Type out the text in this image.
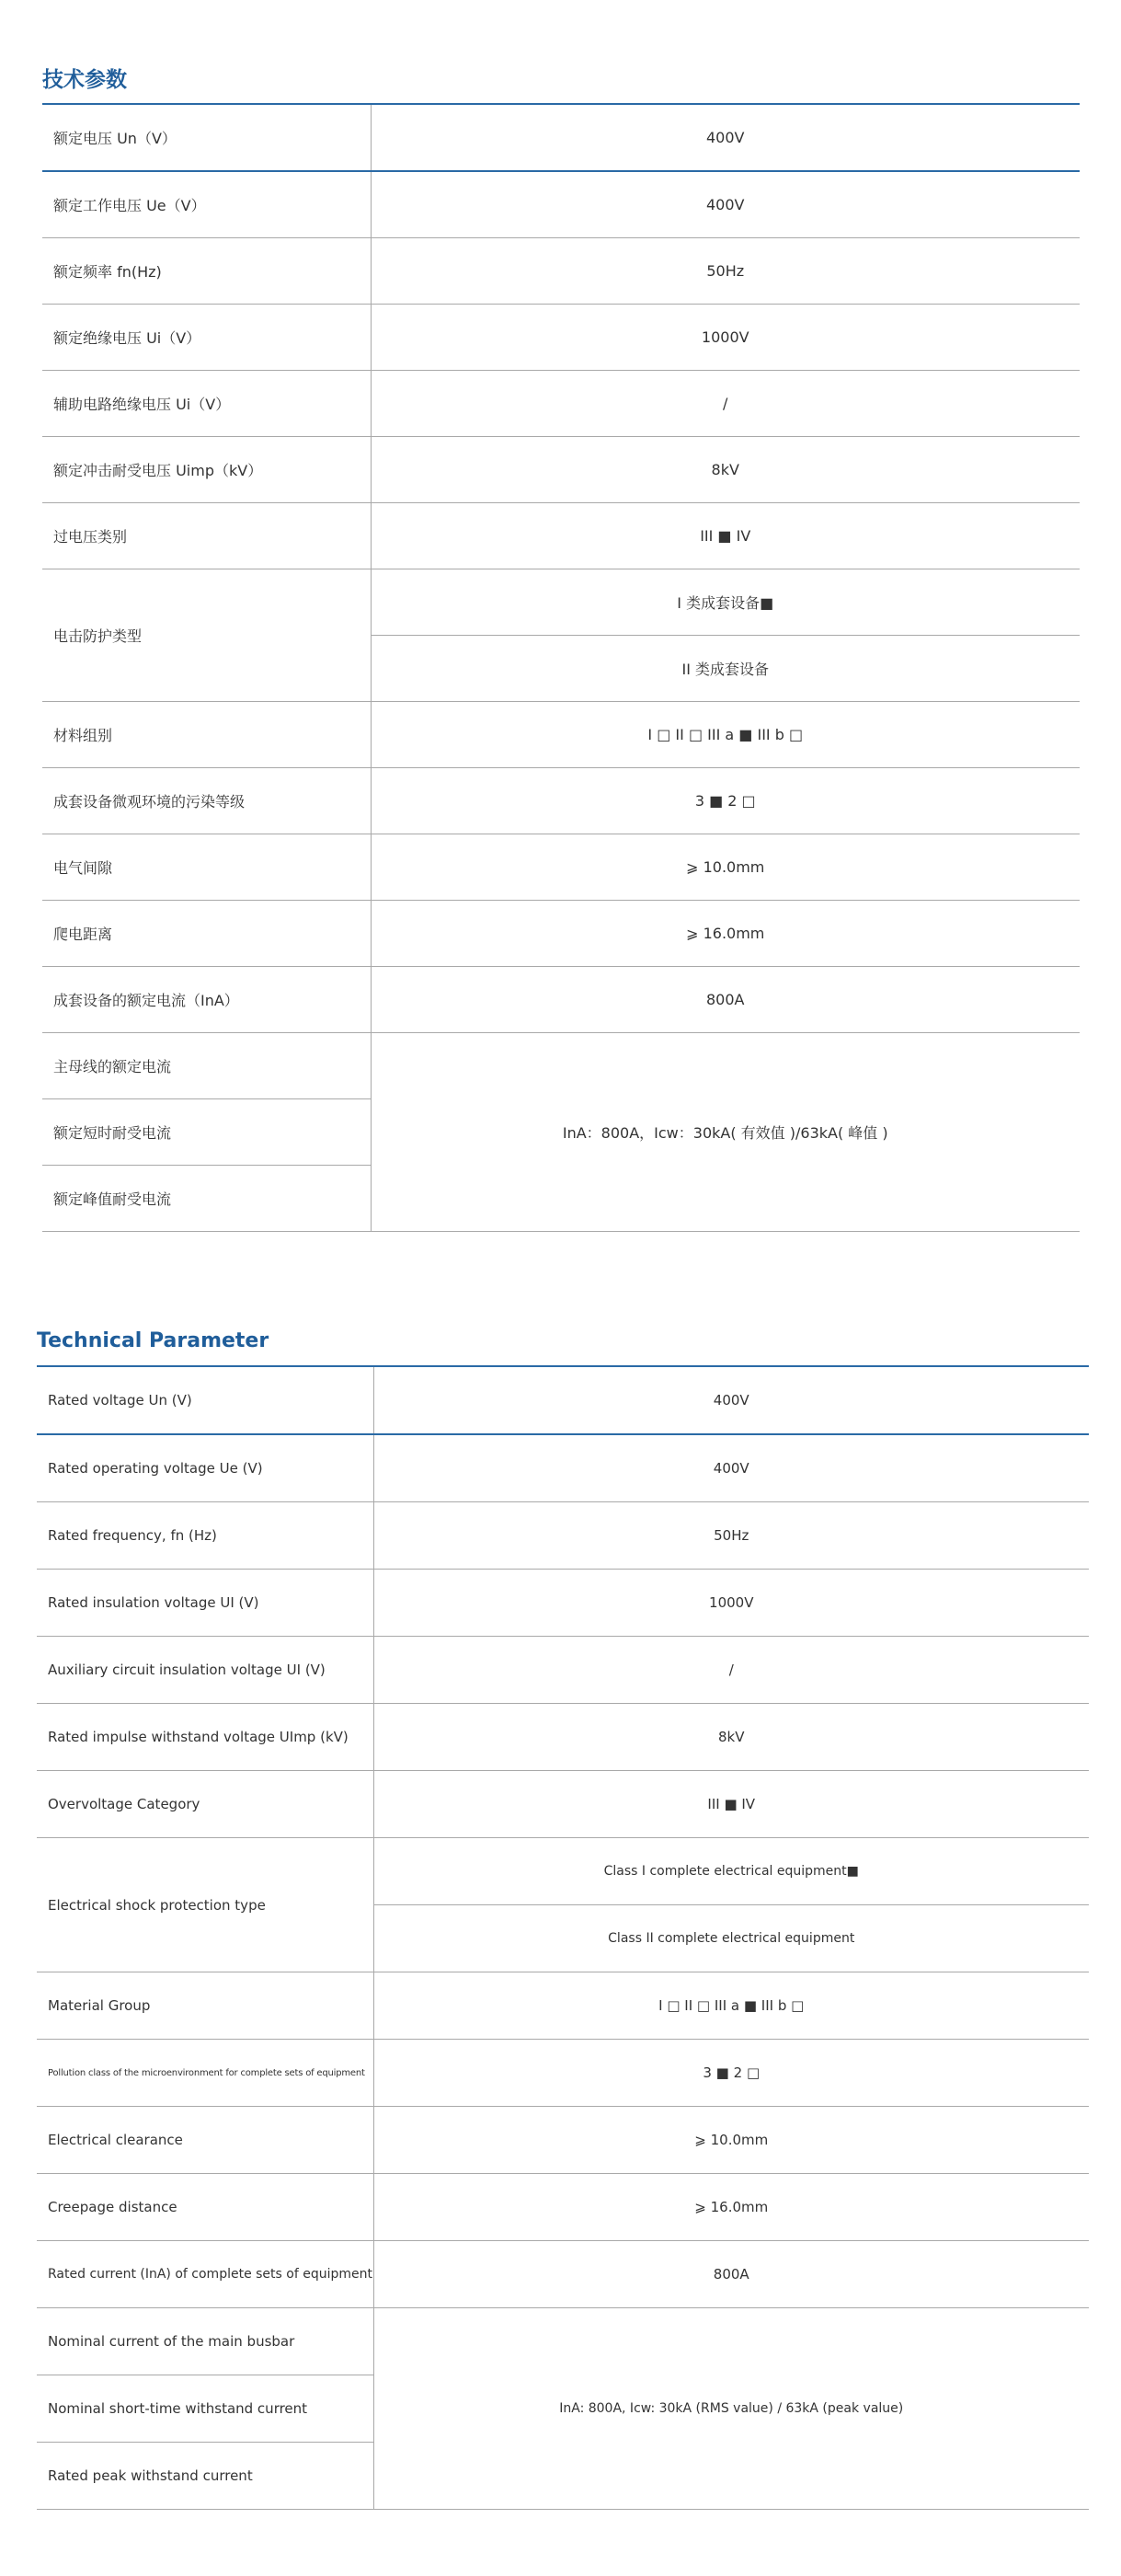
技术参数
额定电压 Un（V）	400V
额定工作电压 Ue（V）	400V
额定频率 fn(Hz)	50Hz
额定绝缘电压 Ui（V）	1000V
辅助电路绝缘电压 Ui（V）	/
额定冲击耐受电压 Uimp（kV）	8kV
过电压类别	III ■ IV
电击防护类型	I 类成套设备■
	II 类成套设备
材料组别	I □ II □ III a ■ III b □
成套设备微观环境的污染等级	3 ■ 2 □
电气间隙	⩾ 10.0mm
爬电距离	⩾ 16.0mm
成套设备的额定电流（InA）	800A
主母线的额定电流	InA：800A，Icw：30kA( 有效值 )/63kA( 峰值 )
额定短时耐受电流	
额定峰值耐受电流	
Technical Parameter
Rated voltage Un (V)	400V
Rated operating voltage Ue (V)	400V
Rated frequency, fn (Hz)	50Hz
Rated insulation voltage UI (V)	1000V
Auxiliary circuit insulation voltage UI (V)	/
Rated impulse withstand voltage UImp (kV)	8kV
Overvoltage Category	III ■ IV
Electrical shock protection type	Class I complete electrical equipment■
	Class II complete electrical equipment
Material Group	I □ II □ III a ■ III b □
Pollution class of the microenvironment for complete sets of equipment	3 ■ 2 □
Electrical clearance	⩾ 10.0mm
Creepage distance	⩾ 16.0mm
Rated current (InA) of complete sets of equipment	800A
Nominal current of the main busbar	InA: 800A, Icw: 30kA (RMS value) / 63kA (peak value)
Nominal short-time withstand current	
Rated peak withstand current	
